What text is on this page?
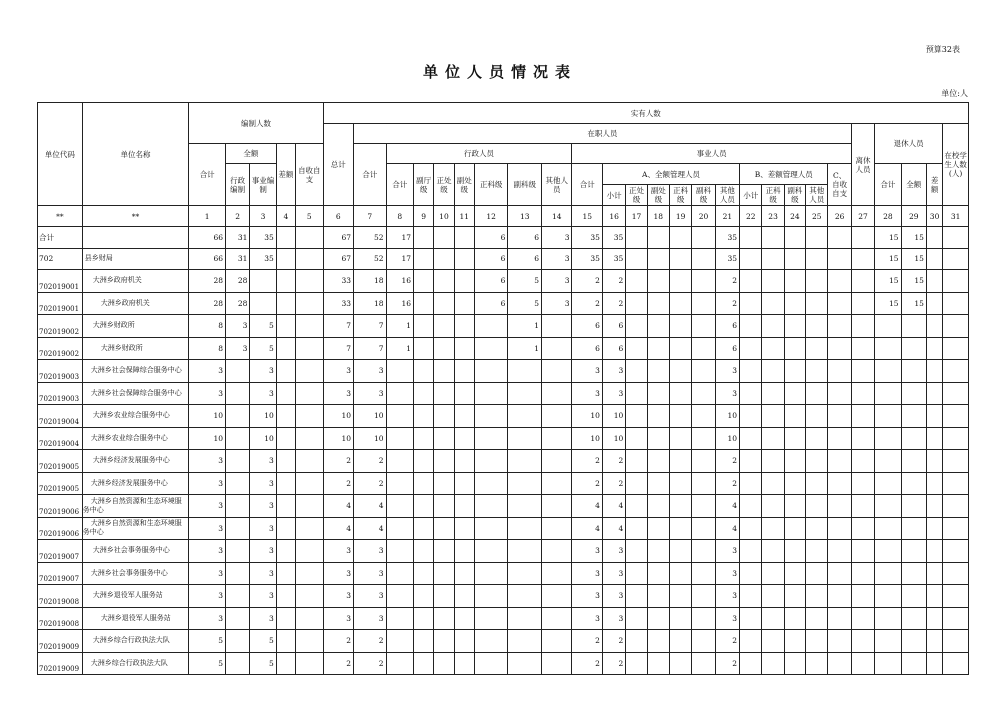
预算32表
单位人员情况表
单位:人
单位代码	单位名称	编制人数					实有人数																									
							总计	在职人员																				离休人员	退休人员			在校学生人数(人)
		合计	全额		差额	自收自支		合计	行政人员							事业人员																
			行政编制	事业编制					合计	副厅级	正处级	副处级	正科级	副科级	其他人员	合计	A、全额管理人员						B、差额管理人员				C、自收自支		合计	全额	差额	
																	小计	正处级	副处级	正科级	副科级	其他人员	小计	正科级	副科级	其他人员						
**	**	1	2	3	4	5	6	7	8	9	10	11	12	13	14	15	16	17	18	19	20	21	22	23	24	25	26	27	28	29	30	31
合计		66	31	35			67	52	17				6	6	3	35	35					35							15	15		
702	县乡财局	66	31	35			67	52	17				6	6	3	35	35					35							15	15		
702019001	大洲乡政府机关	28	28				33	18	16				6	5	3	2	2					2							15	15		
702019001	大洲乡政府机关	28	28				33	18	16				6	5	3	2	2					2							15	15		
702019002	大洲乡财政所	8	3	5			7	7	1					1		6	6					6										
702019002	大洲乡财政所	8	3	5			7	7	1					1		6	6					6										
702019003	大洲乡社会保障综合服务中心	3		3			3	3								3	3					3										
702019003	大洲乡社会保障综合服务中心	3		3			3	3								3	3					3										
702019004	大洲乡农业综合服务中心	10		10			10	10								10	10					10										
702019004	大洲乡农业综合服务中心	10		10			10	10								10	10					10										
702019005	大洲乡经济发展服务中心	3		3			2	2								2	2					2										
702019005	大洲乡经济发展服务中心	3		3			2	2								2	2					2										
702019006	大洲乡自然资源和生态环境服务中心	3		3			4	4								4	4					4										
702019006	大洲乡自然资源和生态环境服务中心	3		3			4	4								4	4					4										
702019007	大洲乡社会事务服务中心	3		3			3	3								3	3					3										
702019007	大洲乡社会事务服务中心	3		3			3	3								3	3					3										
702019008	大洲乡退役军人服务站	3		3			3	3								3	3					3										
702019008	大洲乡退役军人服务站	3		3			3	3								3	3					3										
702019009	大洲乡综合行政执法大队	5		5			2	2								2	2					2										
702019009	大洲乡综合行政执法大队	5		5			2	2								2	2					2										
